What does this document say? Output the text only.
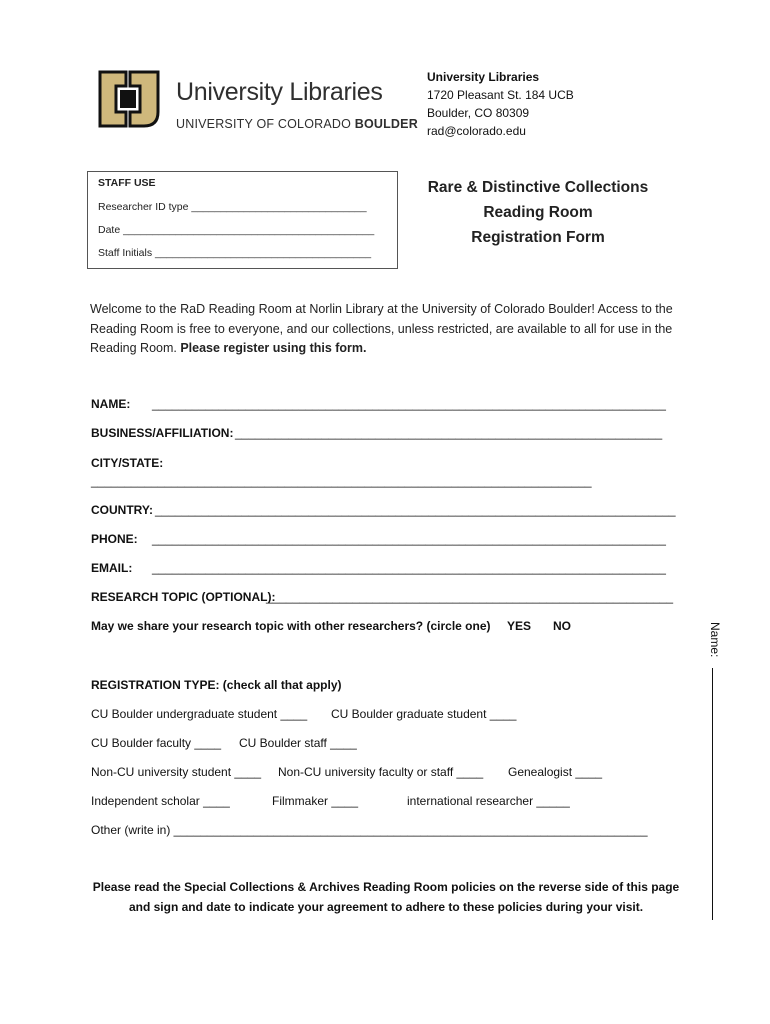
University Libraries
UNIVERSITY OF COLORADO BOULDER
University Libraries
1720 Pleasant St. 184 UCB
Boulder, CO 80309
rad@colorado.edu
STAFF USE
Researcher ID type ______________________________
Date ___________________________________________
Staff Initials _____________________________________
Rare & Distinctive Collections
Reading Room
Registration Form
Welcome to the RaD Reading Room at Norlin Library at the University of Colorado Boulder! Access to the Reading Room is free to everyone, and our collections, unless restricted, are available to all for use in the Reading Room. Please register using this form.
NAME: _____________________________________________________________________________
BUSINESS/AFFILIATION: ________________________________________________________________
CITY/STATE:
___________________________________________________________________________
COUNTRY: ______________________________________________________________________________
PHONE: _____________________________________________________________________________
EMAIL: _____________________________________________________________________________
RESEARCH TOPIC (OPTIONAL):
_____________________________________________________________
May we share your research topic with other researchers? (circle one) YES NO
REGISTRATION TYPE: (check all that apply)
CU Boulder undergraduate student ____ CU Boulder graduate student ____
CU Boulder faculty ____ CU Boulder staff ____
Non-CU university student ____ Non-CU university faculty or staff ____ Genealogist ____
Independent scholar ____	Filmmaker ____	international researcher _____
Other (write in) _______________________________________________________________________
Name:
Please read the Special Collections & Archives Reading Room policies on the reverse side of this page
and sign and date to indicate your agreement to adhere to these policies during your visit.
